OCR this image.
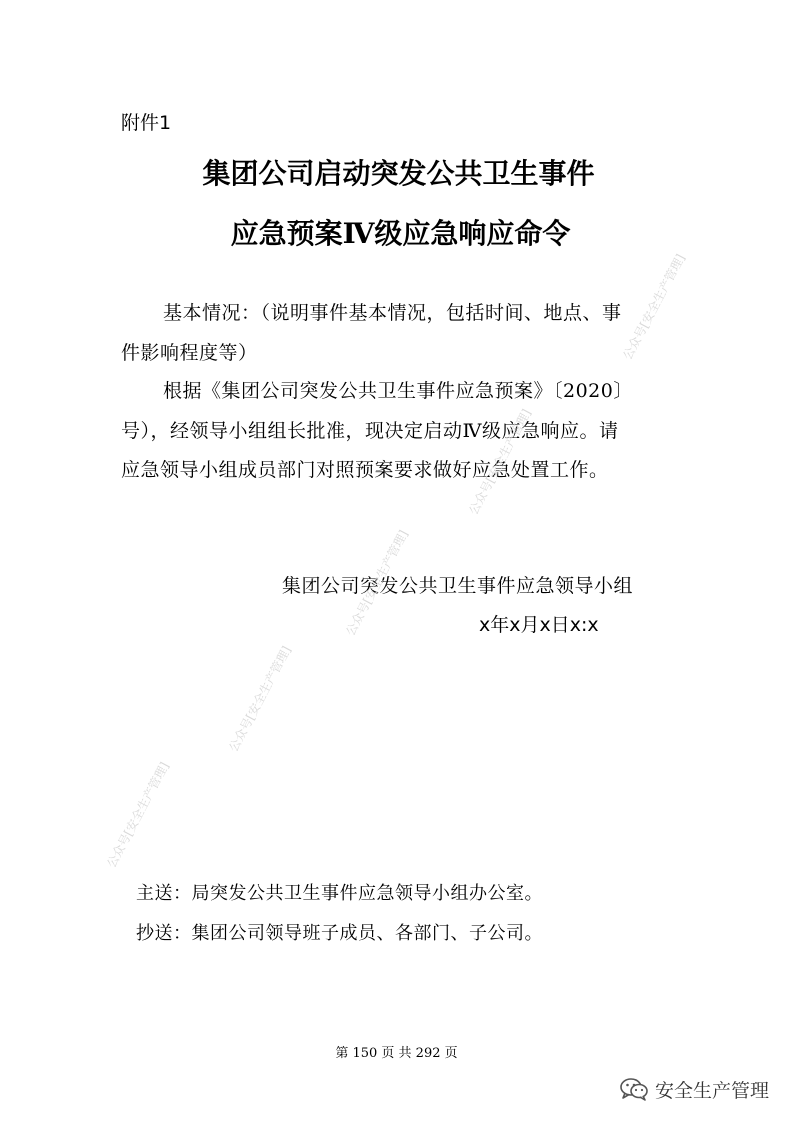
附件1
集团公司启动突发公共卫生事件
应急预案Ⅳ级应急响应命令
基本情况：（说明事件基本情况，包括时间、地点、事
件影响程度等）
根据《集团公司突发公共卫生事件应急预案》〔2020〕
号），经领导小组组长批准，现决定启动Ⅳ级应急响应。请
应急领导小组成员部门对照预案要求做好应急处置工作。
集团公司突发公共卫生事件应急领导小组
x年x月x日x:x
公众号[安全生产管理]
公众号[安全生产管理]
公众号[安全生产管理]
公众号[安全生产管理]
公众号[安全生产管理]
主送：局突发公共卫生事件应急领导小组办公室。
抄送：集团公司领导班子成员、各部门、子公司。
第 150 页 共 292 页
安全生产管理
